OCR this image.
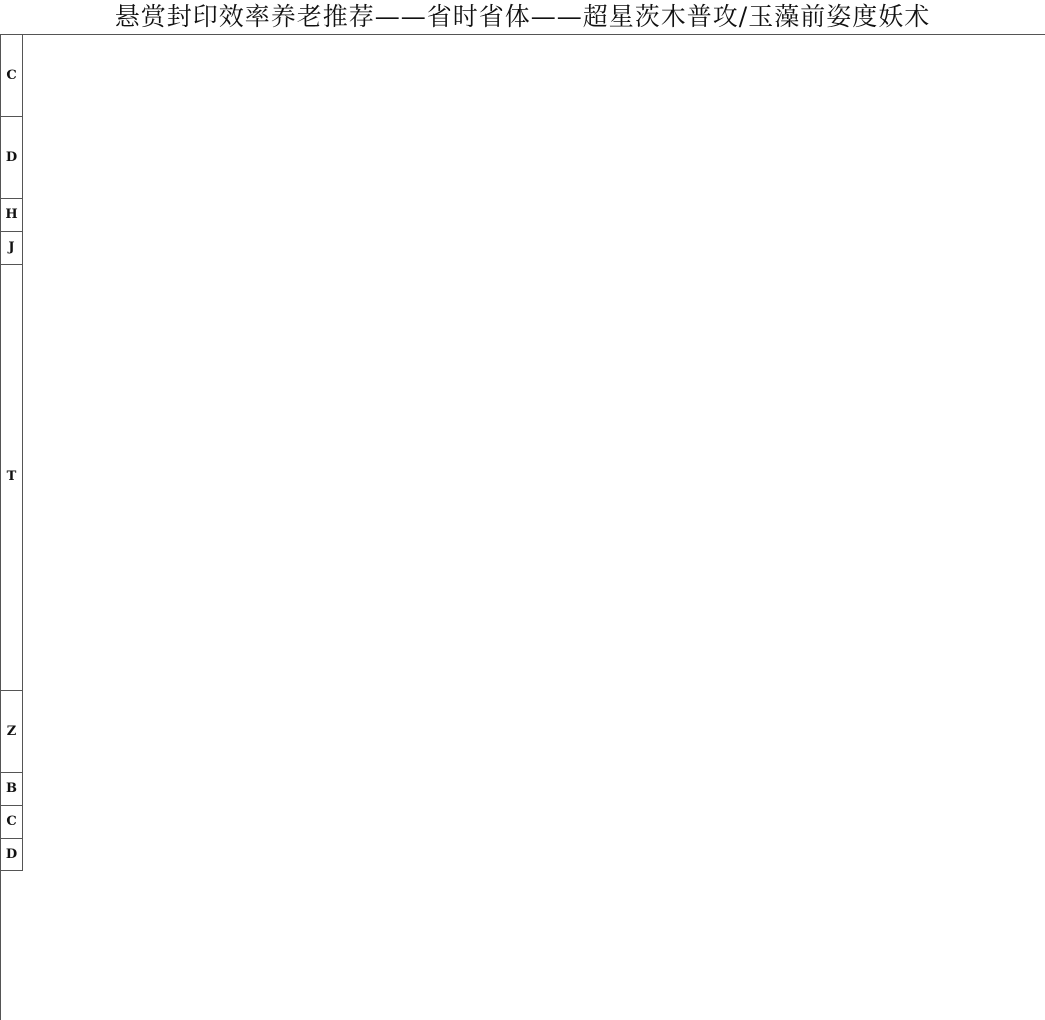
悬赏封印效率养老推荐——省时省体——超星茨木普攻/玉藻前姿度妖术
C
D
H
J
T
Z
B
C
D
